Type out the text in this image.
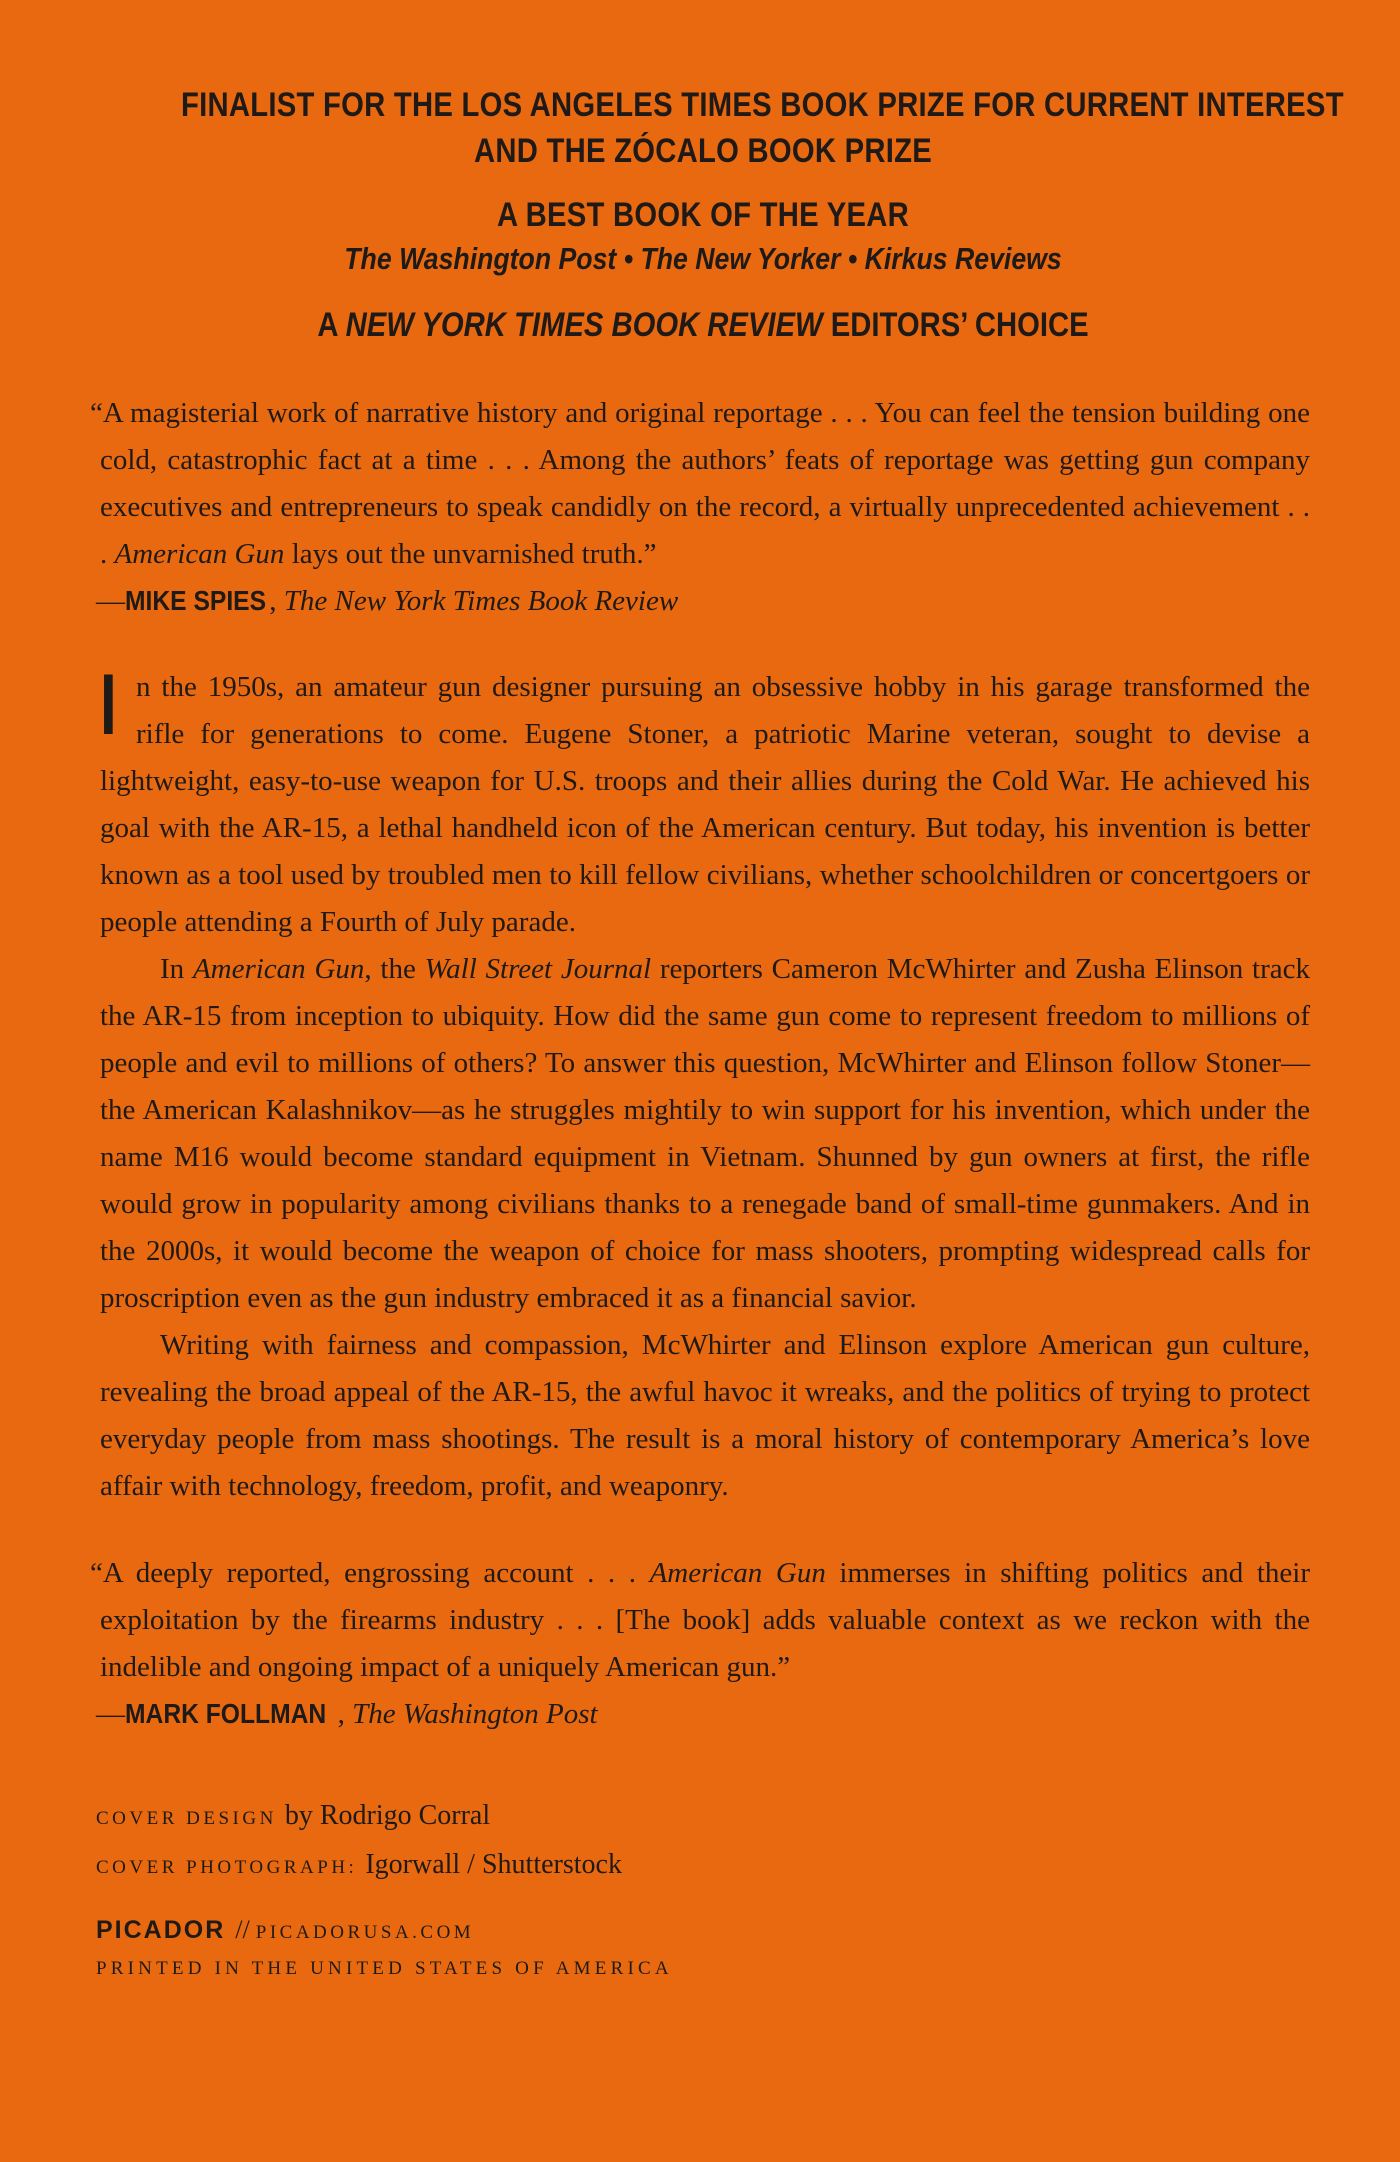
FINALIST FOR THE LOS ANGELES TIMES BOOK PRIZE FOR CURRENT INTEREST
AND THE ZÓCALO BOOK PRIZE
A BEST BOOK OF THE YEAR
The Washington Post • The New Yorker • Kirkus Reviews
A NEW YORK TIMES BOOK REVIEW EDITORS’ CHOICE
“A magisterial work of narrative history and original reportage . . . You can feel the tension building one cold, catastrophic fact at a time . . . Among the authors’ feats of reportage was getting gun company executives and entrepreneurs to speak candidly on the record, a virtually unprecedented achievement . . . American Gun lays out the unvarnished truth.”
—MIKE SPIES , The New York Times Book Review

In the 1950s, an amateur gun designer pursuing an obsessive hobby in his garage transformed the rifle for generations to come. Eugene Stoner, a patriotic Marine veteran, sought to devise a lightweight, easy-to-use weapon for U.S. troops and their allies during the Cold War. He achieved his goal with the AR-15, a lethal handheld icon of the American century. But today, his invention is better known as a tool used by troubled men to kill fellow civilians, whether schoolchildren or concertgoers or people attending a Fourth of July parade.

In American Gun, the Wall Street Journal reporters Cameron McWhirter and Zusha Elinson track the AR-15 from inception to ubiquity. How did the same gun come to represent freedom to millions of people and evil to millions of others? To answer this question, McWhirter and Elinson follow Stoner—the American Kalashnikov—as he struggles mightily to win support for his invention, which under the name M16 would become standard equipment in Vietnam. Shunned by gun owners at first, the rifle would grow in popularity among civilians thanks to a renegade band of small-time gunmakers. And in the 2000s, it would become the weapon of choice for mass shooters, prompting widespread calls for proscription even as the gun industry embraced it as a financial savior.

Writing with fairness and compassion, McWhirter and Elinson explore American gun culture, revealing the broad appeal of the AR-15, the awful havoc it wreaks, and the politics of trying to protect everyday people from mass shootings. The result is a moral history of contemporary America’s love affair with technology, freedom, profit, and weaponry.

“A deeply reported, engrossing account . . . American Gun immerses in shifting politics and their exploitation by the firearms industry . . . [The book] adds valuable context as we reckon with the indelible and ongoing impact of a uniquely American gun.”
—MARK FOLLMAN , The Washington Post
COVER DESIGN by Rodrigo Corral
COVER PHOTOGRAPH: Igorwall / Shutterstock
PICADOR // PICADORUSA.COM
PRINTED IN THE UNITED STATES OF AMERICA
